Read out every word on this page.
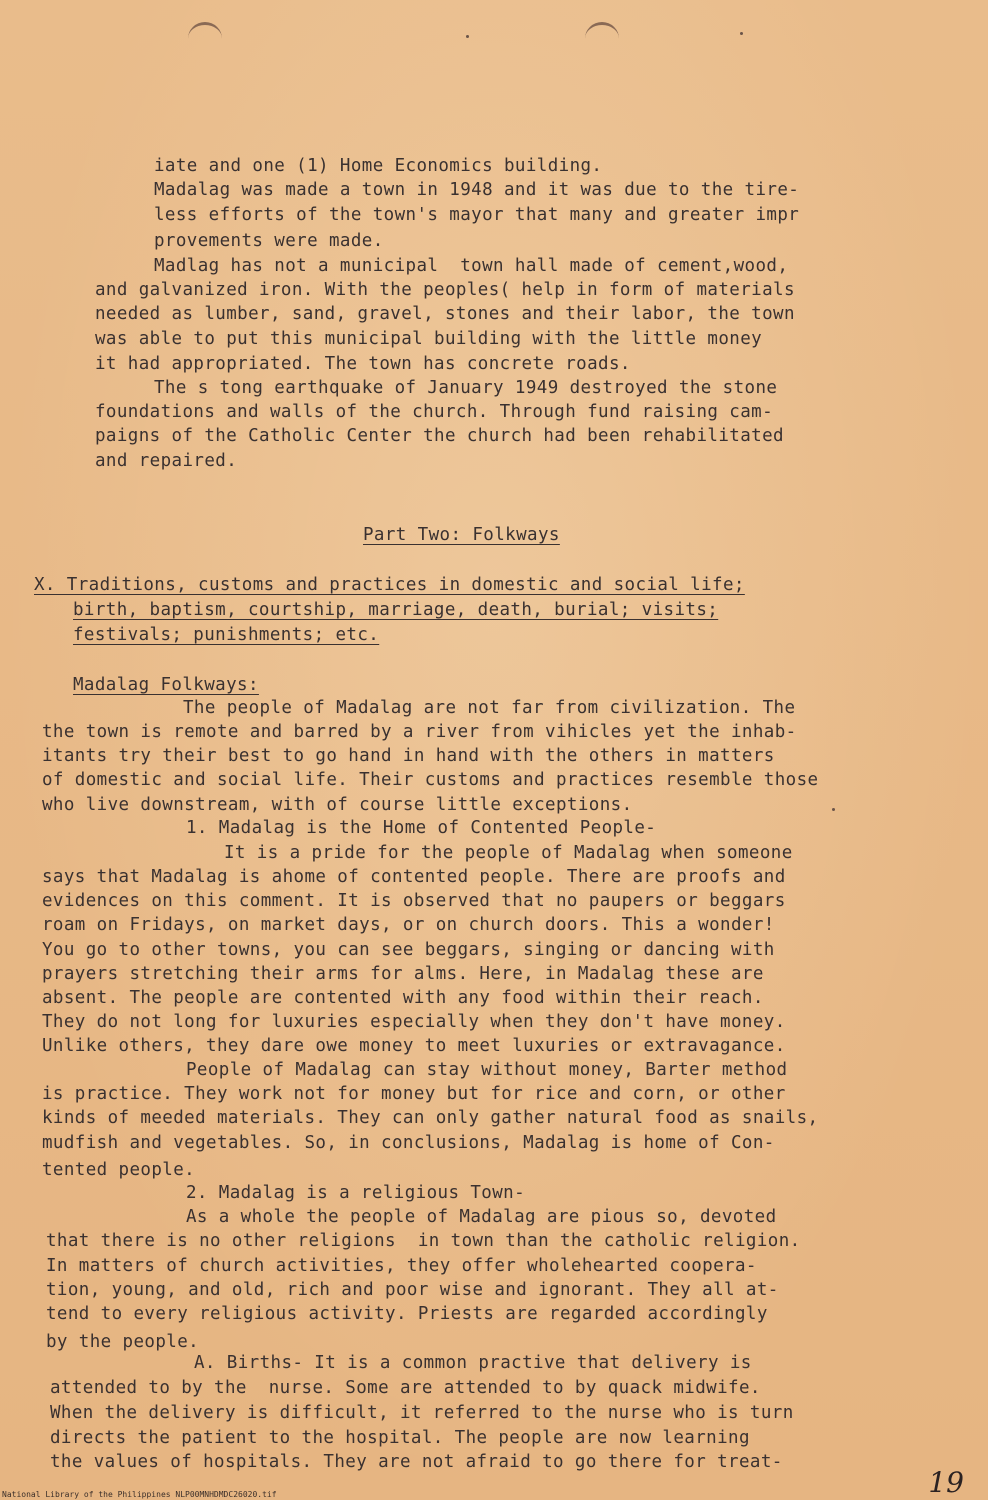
iate and one (1) Home Economics building.
Madalag was made a town in 1948 and it was due to the tire-
less efforts of the town's mayor that many and greater impr
provements were made.
Madlag has not a municipal  town hall made of cement,wood,
and galvanized iron. With the peoples( help in form of materials
needed as lumber, sand, gravel, stones and their labor, the town
was able to put this municipal building with the little money
it had appropriated. The town has concrete roads.
The s tong earthquake of January 1949 destroyed the stone
foundations and walls of the church. Through fund raising cam-
paigns of the Catholic Center the church had been rehabilitated
and repaired.
Part Two: Folkways
X. Traditions, customs and practices in domestic and social life;
birth, baptism, courtship, marriage, death, burial; visits;
festivals; punishments; etc.
Madalag Folkways:
The people of Madalag are not far from civilization. The
the town is remote and barred by a river from vihicles yet the inhab-
itants try their best to go hand in hand with the others in matters
of domestic and social life. Their customs and practices resemble those
who live downstream, with of course little exceptions.
1. Madalag is the Home of Contented People-
It is a pride for the people of Madalag when someone
says that Madalag is ahome of contented people. There are proofs and
evidences on this comment. It is observed that no paupers or beggars
roam on Fridays, on market days, or on church doors. This a wonder!
You go to other towns, you can see beggars, singing or dancing with
prayers stretching their arms for alms. Here, in Madalag these are
absent. The people are contented with any food within their reach.
They do not long for luxuries especially when they don't have money.
Unlike others, they dare owe money to meet luxuries or extravagance.
People of Madalag can stay without money, Barter method
is practice. They work not for money but for rice and corn, or other
kinds of meeded materials. They can only gather natural food as snails,
mudfish and vegetables. So, in conclusions, Madalag is home of Con-
tented people.
2. Madalag is a religious Town-
As a whole the people of Madalag are pious so, devoted
that there is no other religions  in town than the catholic religion.
In matters of church activities, they offer wholehearted coopera-
tion, young, and old, rich and poor wise and ignorant. They all at-
tend to every religious activity. Priests are regarded accordingly
by the people.
A. Births- It is a common practive that delivery is
attended to by the  nurse. Some are attended to by quack midwife.
When the delivery is difficult, it referred to the nurse who is turn
directs the patient to the hospital. The people are now learning
the values of hospitals. They are not afraid to go there for treat-
19
National Library of the Philippines NLP00MNHDMDC26020.tif
